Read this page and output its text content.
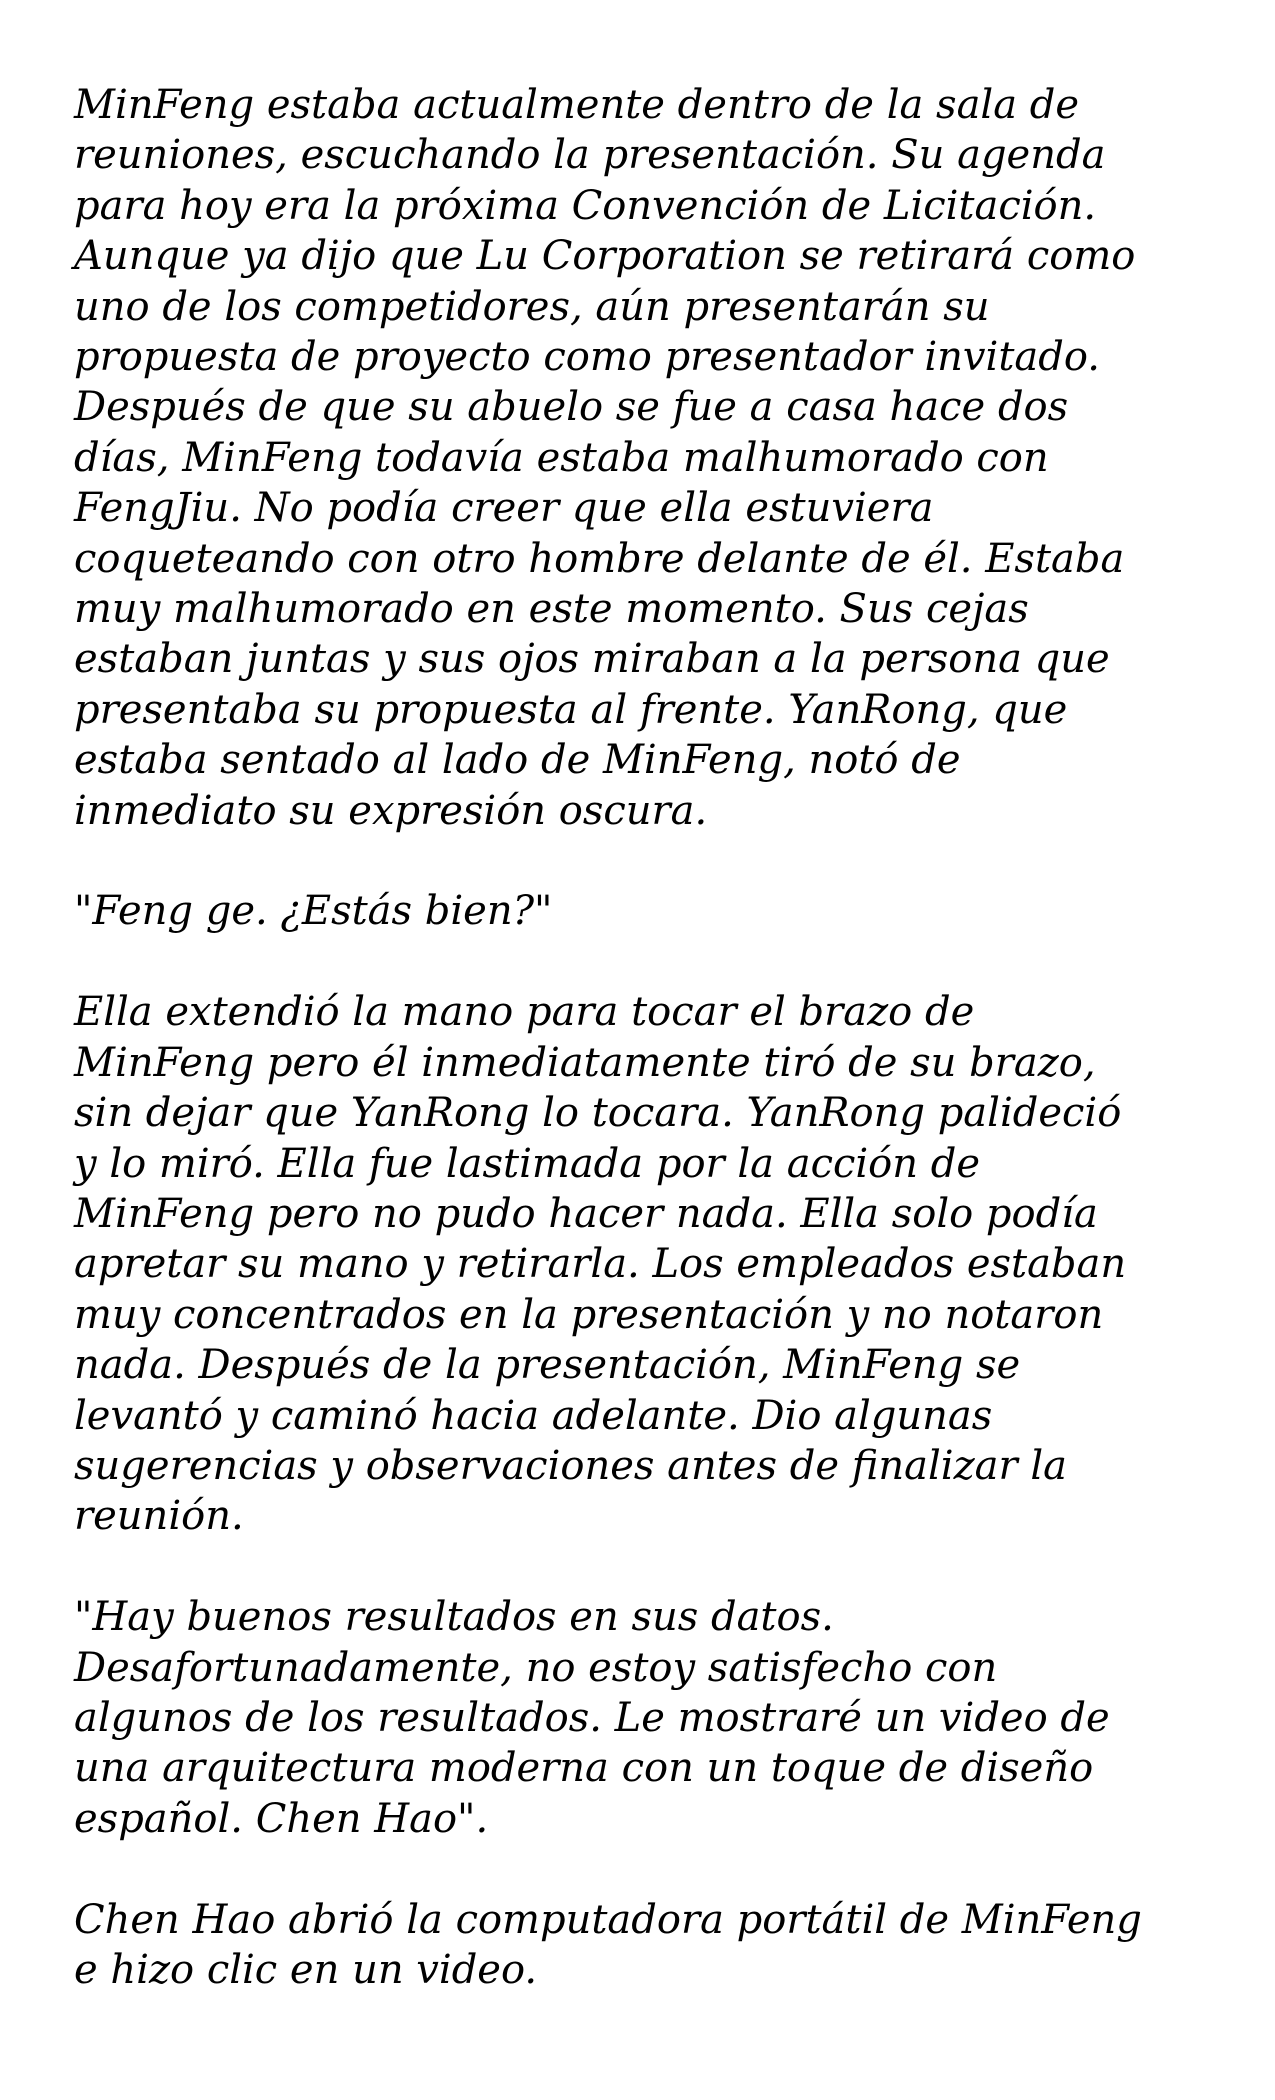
MinFeng estaba actualmente dentro de la sala de
reuniones, escuchando la presentación. Su agenda
para hoy era la próxima Convención de Licitación.
Aunque ya dijo que Lu Corporation se retirará como
uno de los competidores, aún presentarán su
propuesta de proyecto como presentador invitado.
Después de que su abuelo se fue a casa hace dos
días, MinFeng todavía estaba malhumorado con
FengJiu. No podía creer que ella estuviera
coqueteando con otro hombre delante de él. Estaba
muy malhumorado en este momento. Sus cejas
estaban juntas y sus ojos miraban a la persona que
presentaba su propuesta al frente. YanRong, que
estaba sentado al lado de MinFeng, notó de
inmediato su expresión oscura.
"Feng ge. ¿Estás bien?"
Ella extendió la mano para tocar el brazo de
MinFeng pero él inmediatamente tiró de su brazo,
sin dejar que YanRong lo tocara. YanRong palideció
y lo miró. Ella fue lastimada por la acción de
MinFeng pero no pudo hacer nada. Ella solo podía
apretar su mano y retirarla. Los empleados estaban
muy concentrados en la presentación y no notaron
nada. Después de la presentación, MinFeng se
levantó y caminó hacia adelante. Dio algunas
sugerencias y observaciones antes de finalizar la
reunión.
"Hay buenos resultados en sus datos.
Desafortunadamente, no estoy satisfecho con
algunos de los resultados. Le mostraré un video de
una arquitectura moderna con un toque de diseño
español. Chen Hao".
Chen Hao abrió la computadora portátil de MinFeng
e hizo clic en un video.
